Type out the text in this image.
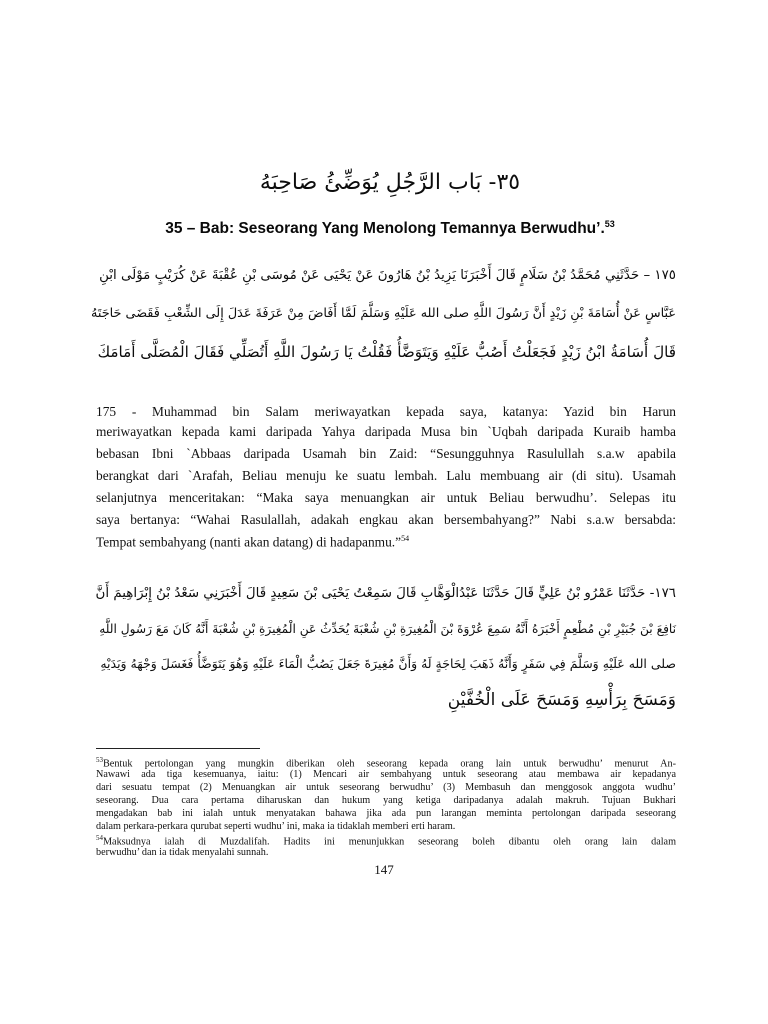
٣٥- بَاب الرَّجُلِ يُوَضِّئُ صَاحِبَهُ
35 – Bab: Seseorang Yang Menolong Temannya Berwudhu’.$^{53}$
١٧٥ – حَدَّثَنِي مُحَمَّدُ بْنُ سَلَامٍ قَالَ أَخْبَرَنَا يَزِيدُ بْنُ هَارُونَ عَنْ يَحْيَى عَنْ مُوسَى بْنِ عُقْبَةَ عَنْ كُرَيْبٍ مَوْلَى ابْنِ
عَبَّاسٍ عَنْ أُسَامَةَ بْنِ زَيْدٍ أَنَّ رَسُولَ اللَّهِ صلى الله عَلَيْهِ وَسَلَّمَ لَمَّا أَفَاضَ مِنْ عَرَفَةَ عَدَلَ إِلَى الشِّعْبِ فَقَضَى حَاجَتَهُ
قَالَ أُسَامَةُ ابْنُ زَيْدٍ فَجَعَلْتُ أَصُبُّ عَلَيْهِ وَيَتَوَضَّأُ فَقُلْتُ يَا رَسُولَ اللَّهِ أَتُصَلِّي فَقَالَ الْمُصَلَّى أَمَامَكَ
175 - Muhammad bin Salam meriwayatkan kepada saya, katanya: Yazid bin Harun
meriwayatkan kepada kami daripada Yahya daripada Musa bin `Uqbah daripada Kuraib hamba
bebasan Ibni `Abbaas daripada Usamah bin Zaid: “Sesungguhnya Rasulullah s.a.w apabila
berangkat dari `Arafah, Beliau menuju ke suatu lembah. Lalu membuang air (di situ). Usamah
selanjutnya menceritakan: “Maka saya menuangkan air untuk Beliau berwudhu’. Selepas itu
saya bertanya: “Wahai Rasulallah, adakah engkau akan bersembahyang?” Nabi s.a.w bersabda:
Tempat sembahyang (nanti akan datang) di hadapanmu.”$^{54}$
١٧٦- حَدَّثَنَا عَمْرُو بْنُ عَلِيٍّ قَالَ حَدَّثَنَا عَبْدُالْوَهَّابِ قَالَ سَمِعْتُ يَحْيَى بْنَ سَعِيدٍ قَالَ أَخْبَرَنِي سَعْدُ بْنُ إِبْرَاهِيمَ أَنَّ
نَافِعَ بْنَ جُبَيْرِ بْنِ مُطْعِمٍ أَخْبَرَهُ أَنَّهُ سَمِعَ عُرْوَةَ بْنَ الْمُغِيرَةِ بْنِ شُعْبَةَ يُحَدِّثُ عَنِ الْمُغِيرَةِ بْنِ شُعْبَةَ أَنَّهُ كَانَ مَعَ رَسُولِ اللَّهِ
صلى الله عَلَيْهِ وَسَلَّمَ فِي سَفَرٍ وَأَنَّهُ ذَهَبَ لِحَاجَةٍ لَهُ وَأَنَّ مُغِيرَةَ جَعَلَ يَصُبُّ الْمَاءَ عَلَيْهِ وَهُوَ يَتَوَضَّأُ فَغَسَلَ وَجْهَهُ وَيَدَيْهِ
وَمَسَحَ بِرَأْسِهِ وَمَسَحَ عَلَى الْخُفَّيْنِ
$^{53}$Bentuk pertolongan yang mungkin diberikan oleh seseorang kepada orang lain untuk berwudhu’ menurut An-
Nawawi ada tiga kesemuanya, iaitu: (1) Mencari air sembahyang untuk seseorang atau membawa air kepadanya
dari sesuatu tempat (2) Menuangkan air untuk seseorang berwudhu’ (3) Membasuh dan menggosok anggota wudhu’
seseorang. Dua cara pertama diharuskan dan hukum yang ketiga daripadanya adalah makruh. Tujuan Bukhari
mengadakan bab ini ialah untuk menyatakan bahawa jika ada pun larangan meminta pertolongan daripada seseorang
dalam perkara-perkara qurubat seperti wudhu’ ini, maka ia tidaklah memberi erti haram.
$^{54}$Maksudnya ialah di Muzdalifah. Hadits ini menunjukkan seseorang boleh dibantu oleh orang lain dalam
berwudhu’ dan ia tidak menyalahi sunnah.
147
